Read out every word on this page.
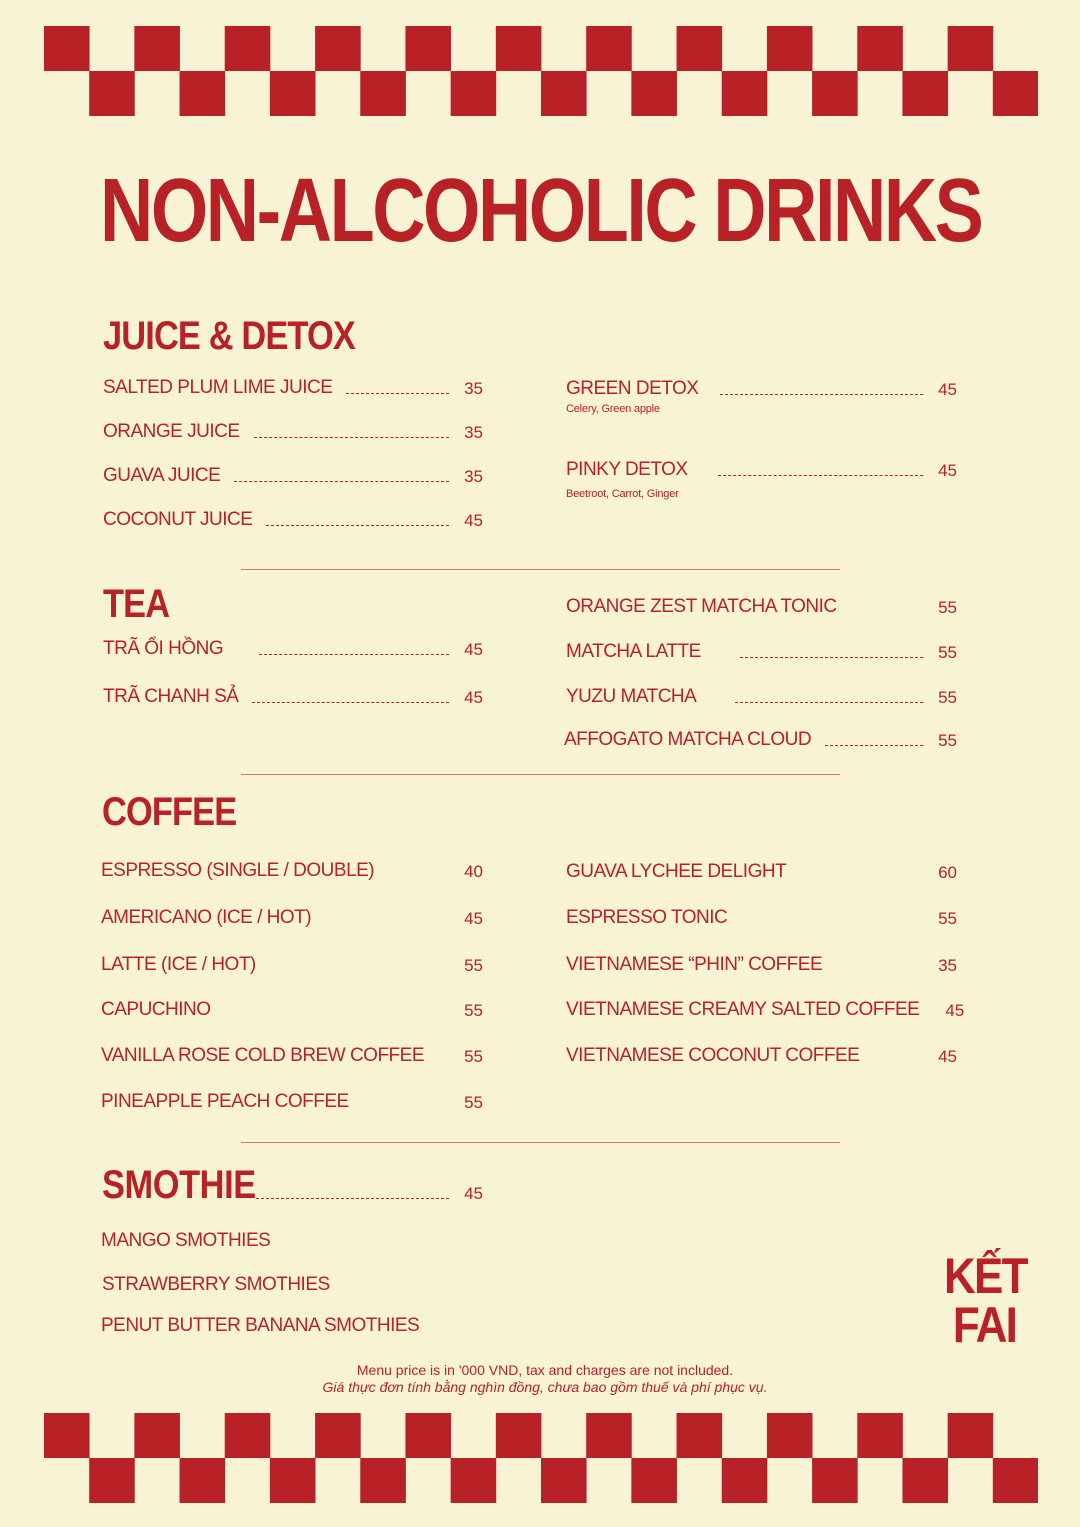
NON-ALCOHOLIC DRINKS
JUICE & DETOX
SALTED PLUM LIME JUICE	35
ORANGE JUICE	35
GUAVA JUICE	35
COCONUT JUICE	45
GREEN DETOX	45
Celery, Green apple
PINKY DETOX	45
Beetroot, Carrot, Ginger
TEA
TRÃ ỔI HỒNG	45
TRÃ CHANH SẢ	45
ORANGE ZEST MATCHA TONIC	55
MATCHA LATTE	55
YUZU MATCHA	55
AFFOGATO MATCHA CLOUD	55
COFFEE
ESPRESSO (SINGLE / DOUBLE)	40
AMERICANO (ICE / HOT)	45
LATTE (ICE / HOT)	55
CAPUCHINO	55
VANILLA ROSE COLD BREW COFFEE 55
PINEAPPLE PEACH COFFEE	55
GUAVA LYCHEE DELIGHT	60
ESPRESSO TONIC	55
VIETNAMESE “PHIN” COFFEE	35
VIETNAMESE CREAMY SALTED COFFEE 45
VIETNAMESE COCONUT COFFEE	45
SMOTHIE	45
MANGO SMOTHIES
STRAWBERRY SMOTHIES
PENUT BUTTER BANANA SMOTHIES
Menu price is in '000 VND, tax and charges are not included.
Giá thực đơn tính bằng nghìn đồng, chưa bao gồm thuế và phí phục vụ.
KẾT
FAI
